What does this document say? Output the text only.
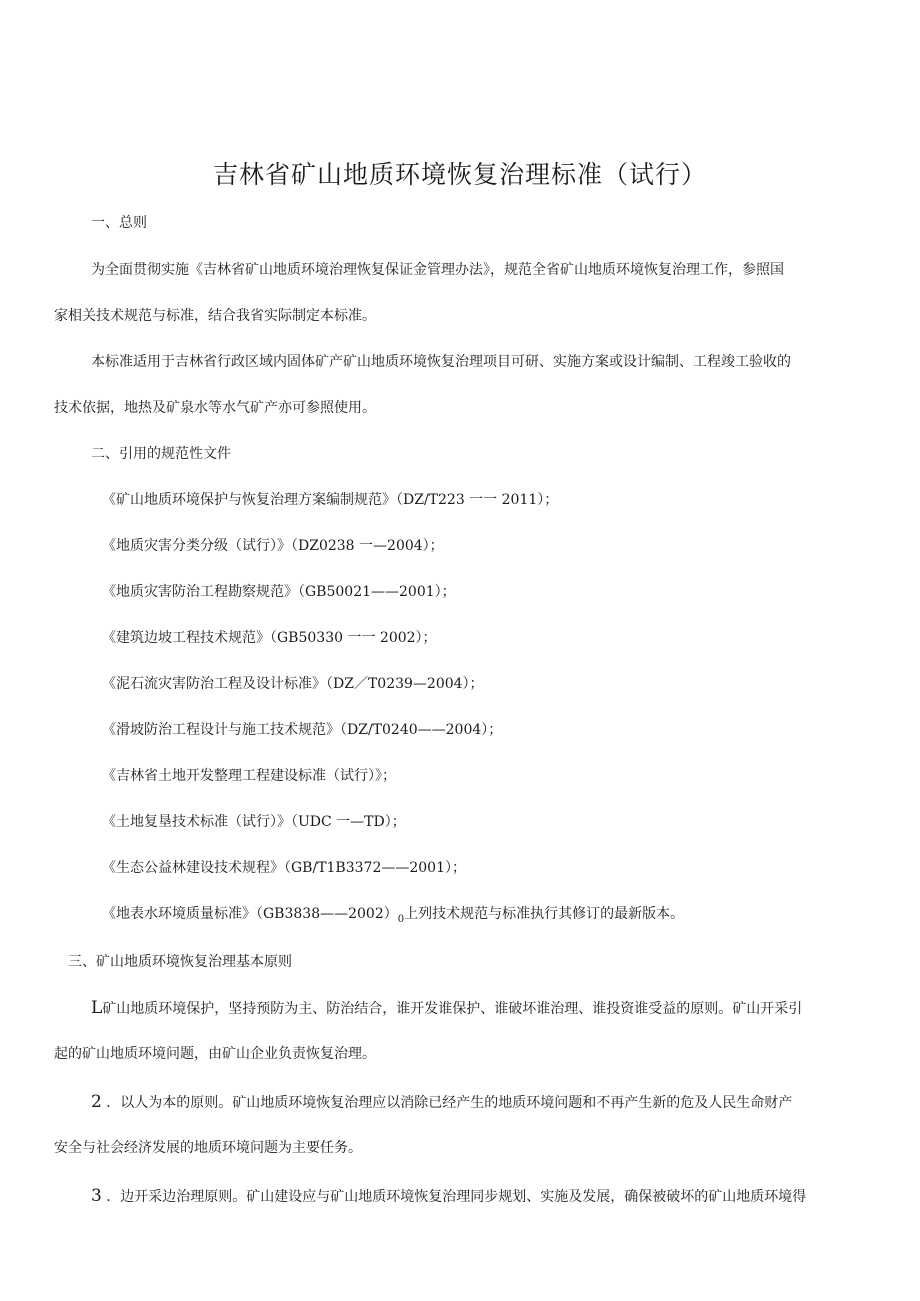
吉林省矿山地质环境恢复治理标准（试行）
一、总则
为全面贯彻实施《吉林省矿山地质环境治理恢复保证金管理办法》，规范全省矿山地质环境恢复治理工作，参照国
家相关技术规范与标准，结合我省实际制定本标准。
本标准适用于吉林省行政区域内固体矿产矿山地质环境恢复治理项目可研、实施方案或设计编制、工程竣工验收的
技术依据，地热及矿泉水等水气矿产亦可参照使用。
二、引用的规范性文件
《矿山地质环境保护与恢复治理方案编制规范》（DZ/T223 一一 2011）；
《地质灾害分类分级（试行）》（DZ0238 一—2004）；
《地质灾害防治工程勘察规范》（GB50021——2001）；
《建筑边坡工程技术规范》（GB50330 一一 2002）；
《泥石流灾害防治工程及设计标准》（DZ／T0239—2004）；
《滑坡防治工程设计与施工技术规范》（DZ/T0240——2004）；
《吉林省土地开发整理工程建设标准（试行）》；
《土地复垦技术标准（试行）》（UDC 一—TD）；
《生态公益林建设技术规程》（GB/T1B3372——2001）；
《地表水环境质量标准》$(GB3838——2002)_0$上列技术规范与标准执行其修订的最新版本。
三、矿山地质环境恢复治理基本原则
L矿山地质环境保护，坚持预防为主、防治结合，谁开发谁保护、谁破坏谁治理、谁投资谁受益的原则。矿山开采引
起的矿山地质环境问题，由矿山企业负责恢复治理。
2 ．以人为本的原则。矿山地质环境恢复治理应以消除已经产生的地质环境问题和不再产生新的危及人民生命财产
安全与社会经济发展的地质环境问题为主要任务。
3 ．边开采边治理原则。矿山建设应与矿山地质环境恢复治理同步规划、实施及发展，确保被破坏的矿山地质环境得
